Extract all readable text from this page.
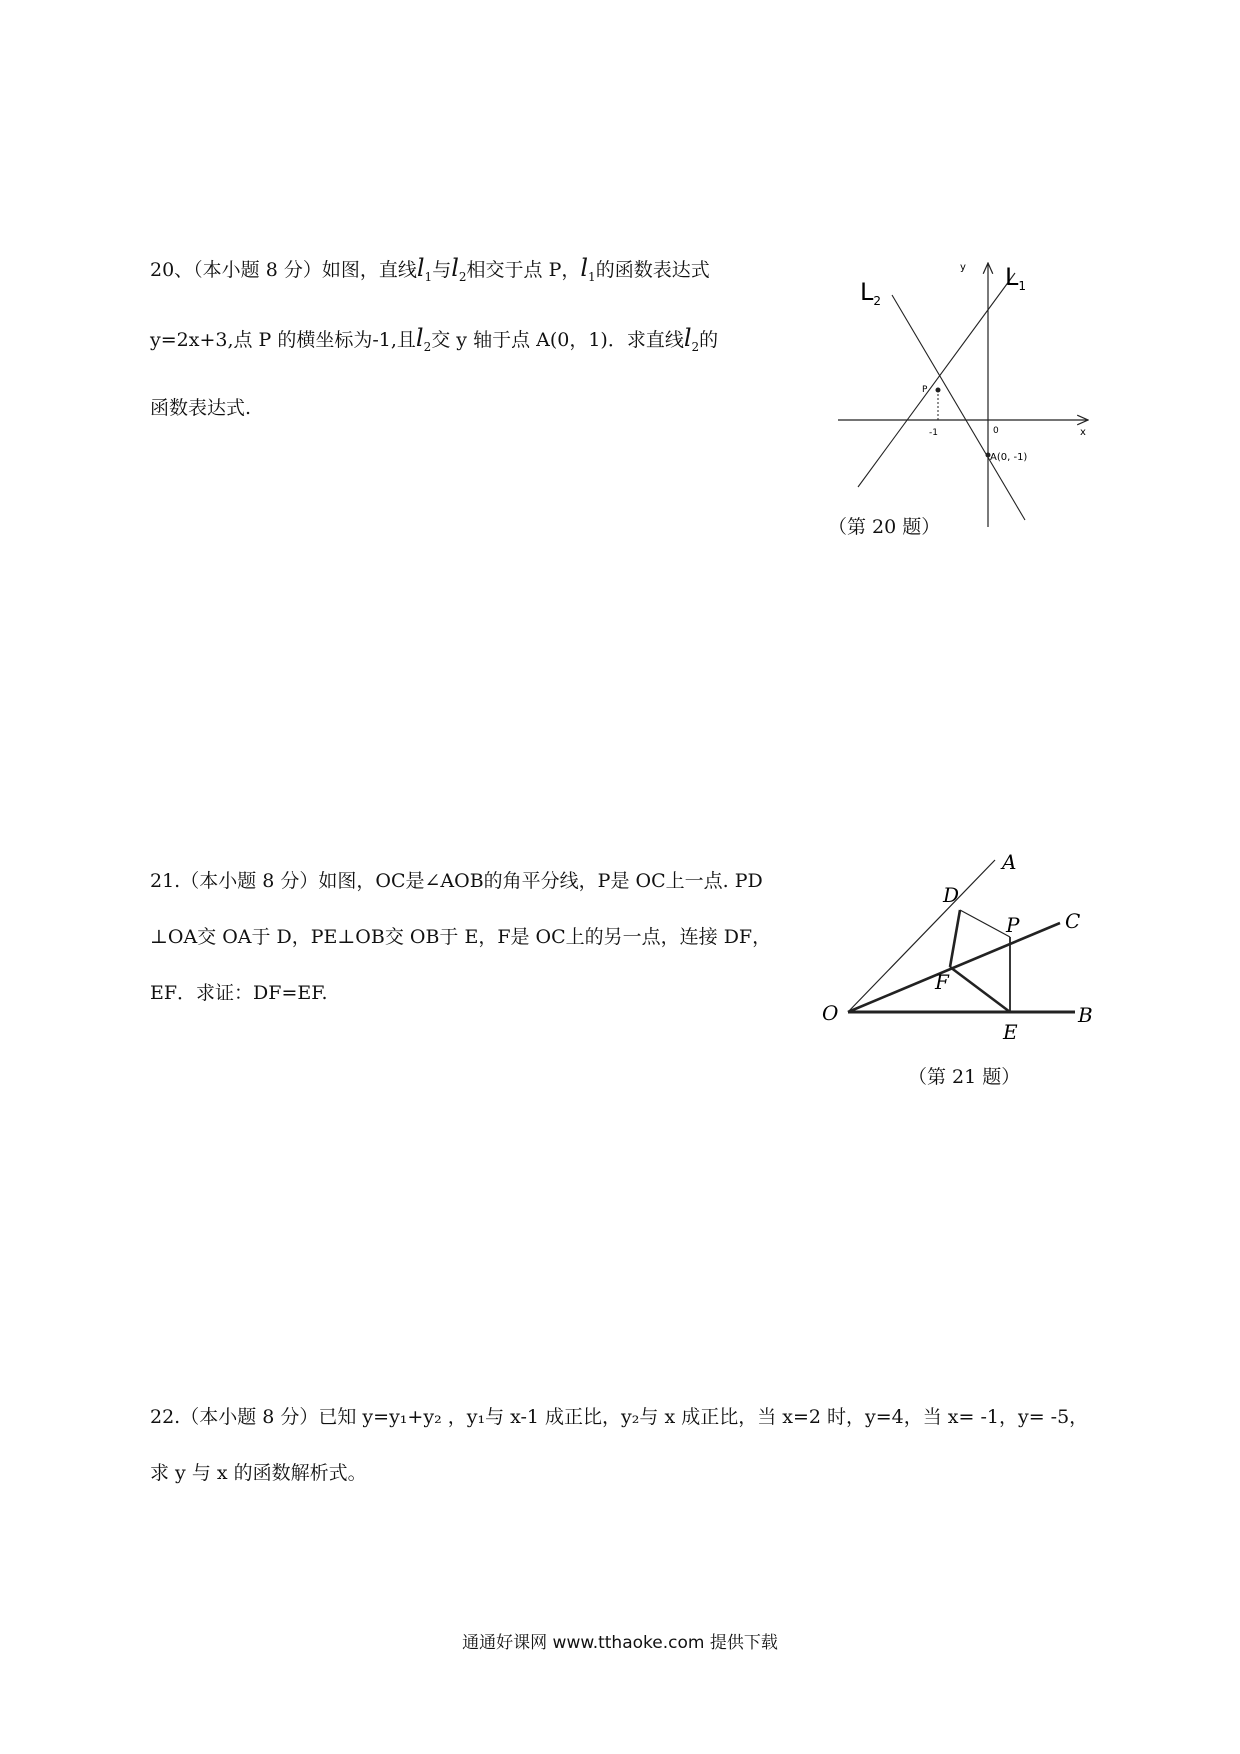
20、（本小题 8 分）如图，直线$l_1$与$l_2$相交于点 P，$l_1$的函数表达式
y=2x+3,点 P 的横坐标为-1,且$l_2$交 y 轴于点 A(0，1)．求直线$l_2$的
函数表达式.
$L_2$
$L_1$
y
x
P
-1	0
A(0, -1)
（第 20 题）
21.（本小题 8 分）如图，OC是∠AOB的角平分线，P是 OC上一点. PD
⊥OA交 OA于 D，PE⊥OB交 OB于 E，F是 OC上的另一点，连接 DF，
EF．求证：DF=EF.
A
B
C
D
E
F
O
P
（第 21 题）
22.（本小题 8 分）已知 y=y₁+y₂ ，y₁与 x-1 成正比，y₂与 x 成正比，当 x=2 时，y=4，当 x= -1，y= -5，
求 y 与 x 的函数解析式。
通通好课网 www.tthaoke.com 提供下载
